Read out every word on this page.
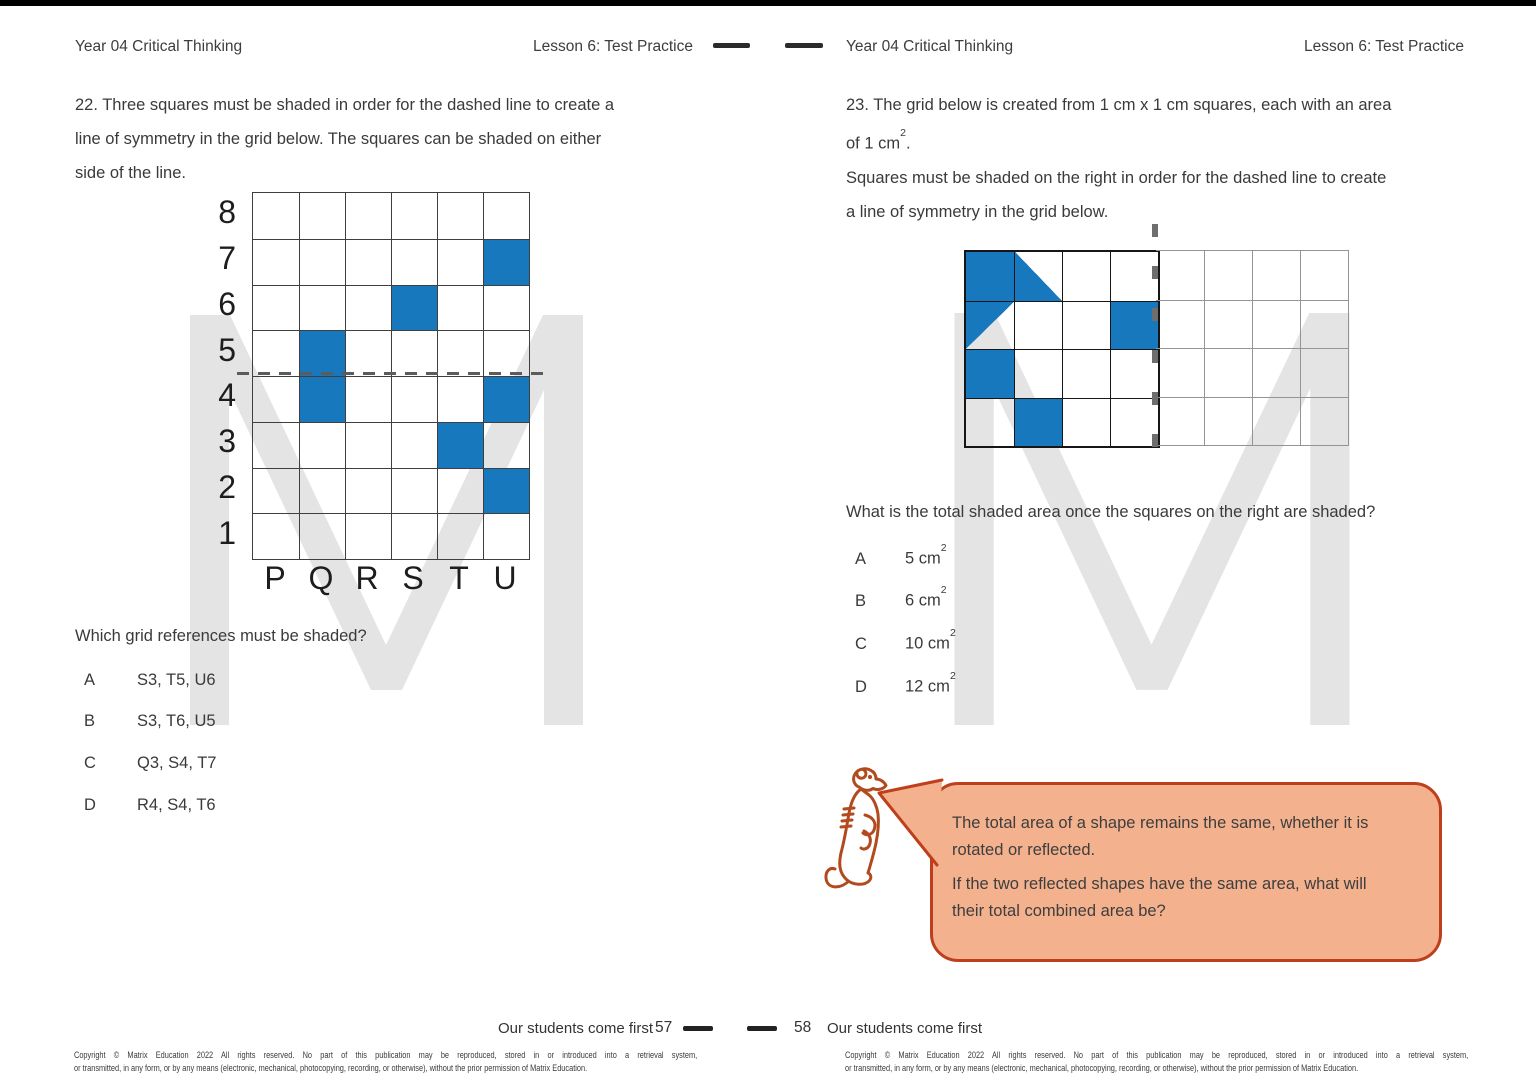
Year 04 Critical Thinking	Lesson 6: Test Practice
22. Three squares must be shaded in order for the dashed line to create a
line of symmetry in the grid below. The squares can be shaded on either
side of the line.
8
7
6
5
4
3
2
1
P Q R S T U
Which grid references must be shaded?
A	S3, T5, U6
B	S3, T6, U5
C Q3, S4, T7
D R4, S4, T6
Our students come first 57	58 Our students come first
Copyright © Matrix Education 2022 All rights reserved. No part of this publication may be reproduced, stored in or introduced into a retrieval system,
or transmitted, in any form, or by any means (electronic, mechanical, photocopying, recording, or otherwise), without the prior permission of Matrix Education.
Year 04 Critical Thinking	Lesson 6: Test Practice
23. The grid below is created from 1 cm x 1 cm squares, each with an area
of 1 $cm^2$.
Squares must be shaded on the right in order for the dashed line to create
a line of symmetry in the grid below.
What is the total shaded area once the squares on the right are shaded?
A 5 $cm^2$
B 6 $cm^2$
C 10 $cm^2$
D 12 $cm^2$
The total area of a shape remains the same, whether it is
rotated or reflected.
If the two reflected shapes have the same area, what will
their total combined area be?
Copyright © Matrix Education 2022 All rights reserved. No part of this publication may be reproduced, stored in or introduced into a retrieval system,
or transmitted, in any form, or by any means (electronic, mechanical, photocopying, recording, or otherwise), without the prior permission of Matrix Education.
